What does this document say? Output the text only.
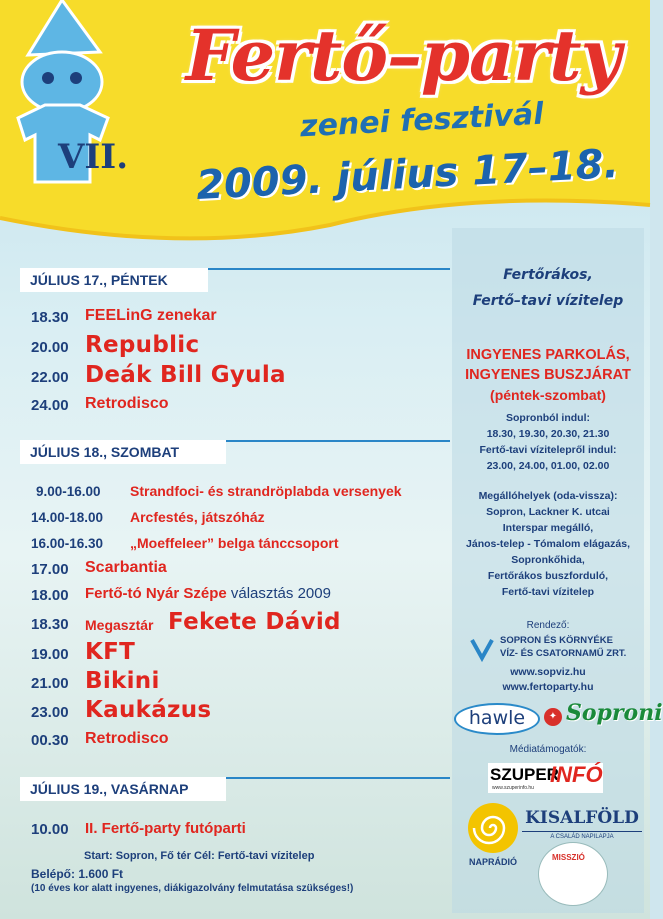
VII.
Fertő–party
zenei fesztivál
2009. július 17–18.
Fertőrákos,
Fertő–tavi vízitelep
INGYENES PARKOLÁS,
INGYENES BUSZJÁRAT
(péntek-szombat)
Sopronból indul:
18.30, 19.30, 20.30, 21.30
Fertő-tavi vízitelepről indul:
23.00, 24.00, 01.00, 02.00
Megállóhelyek (oda-vissza):
Sopron, Lackner K. utcai
Interspar megálló,
János-telep - Tómalom elágazás,
Sopronkőhida,
Fertőrákos buszforduló,
Fertő-tavi vízitelep
Rendező:
SOPRON ÉS KÖRNYÉKE
VÍZ- ÉS CSATORNAMŰ ZRT.
www.sopviz.hu
www.fertoparty.hu
hawle	✦ Soproni
Médiatámogatók:
SZUPER
INFÓ
www.szuperinfo.hu
NAPRÁDIÓ
KISALFÖLD
A CSALÁD NAPILAPJA
MISSZIÓ
JÚLIUS 17., PÉNTEK
18.30 FEELinG zenekar
20.00 Republic
22.00 Deák Bill Gyula
24.00 Retrodisco
JÚLIUS 18., SZOMBAT
9.00-16.00 Strandfoci- és strandröplabda versenyek
14.00-18.00 Arcfestés, játszóház
16.00-16.30 „Moeffeleer” belga tánccsoport
17.00 Scarbantia
18.00 Fertő-tó Nyár Szépe választás 2009
18.30 Megasztár Fekete Dávid
19.00 KFT
21.00 Bikini
23.00 Kaukázus
00.30 Retrodisco
JÚLIUS 19., VASÁRNAP
10.00 II. Fertő-party futóparti
Start: Sopron, Fő tér Cél: Fertő-tavi vízitelep
Belépő: 1.600 Ft
(10 éves kor alatt ingyenes, diákigazolvány felmutatása szükséges!)
